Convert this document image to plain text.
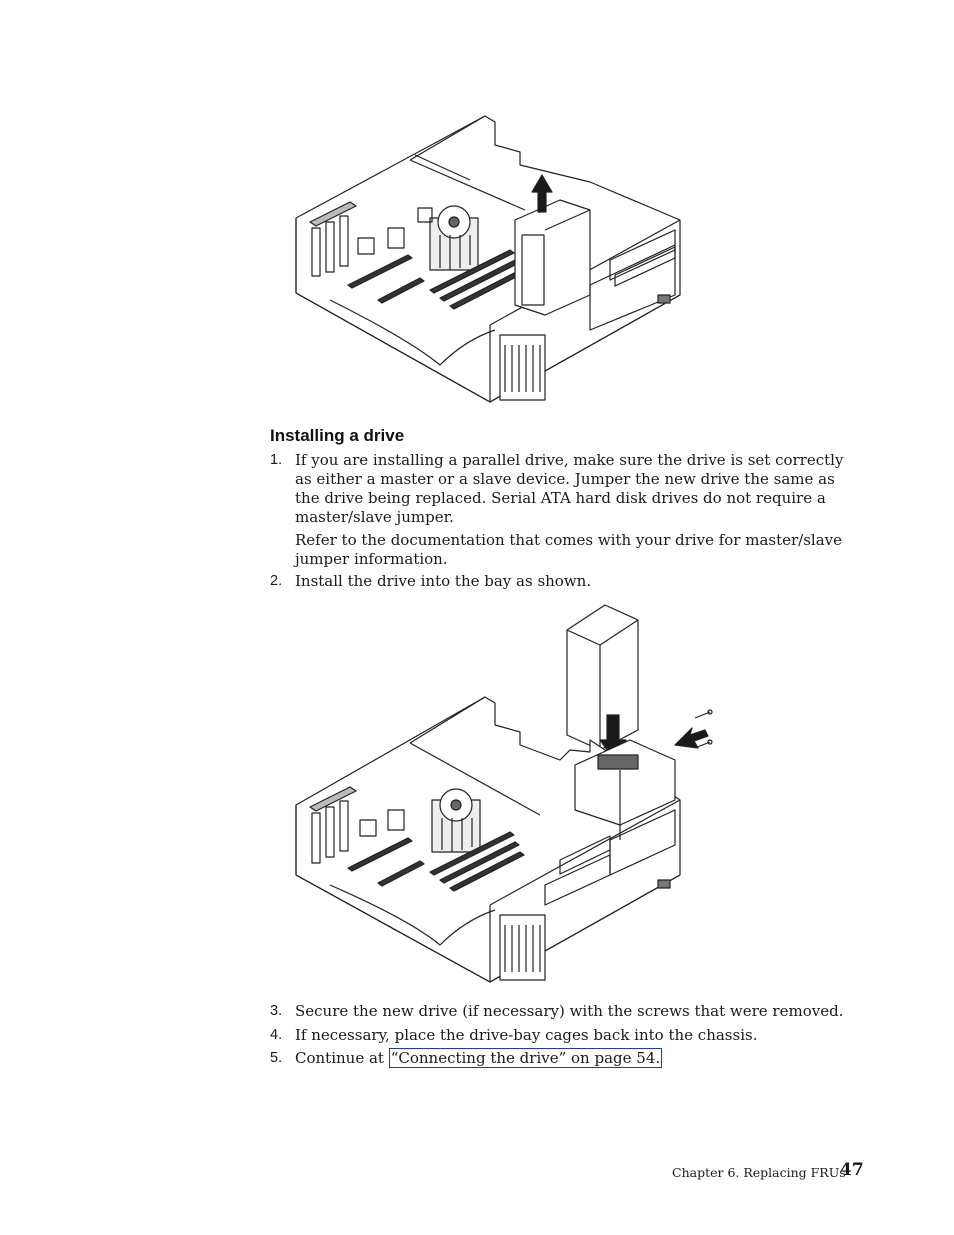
Installing a drive
1. If you are installing a parallel drive, make sure the drive is set correctly as either a master or a slave device. Jumper the new drive the same as the drive being replaced. Serial ATA hard disk drives do not require a master/slave jumper.

Refer to the documentation that comes with your drive for master/slave jumper information.

2. Install the drive into the bay as shown.

3. Secure the new drive (if necessary) with the screws that were removed.

4. If necessary, place the drive-bay cages back into the chassis.

5. Continue at “Connecting the drive” on page 54.

Chapter 6. Replacing FRUs
47
